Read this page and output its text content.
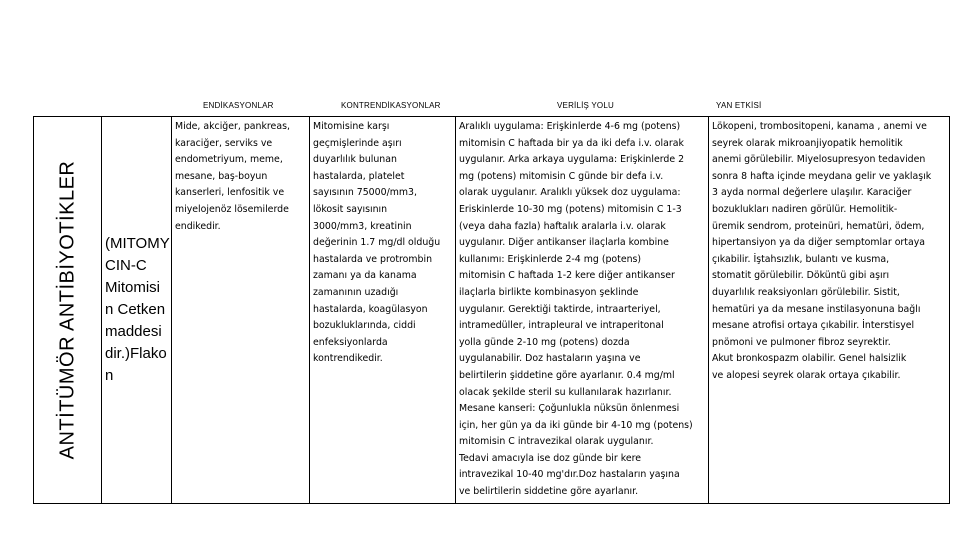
ENDİKASYONLAR	KONTRENDİKASYONLAR	VERİLİŞ YOLU	YAN ETKİSİ
ANTİTÜMÖR ANTİBİYOTİKLER	(MITOMY
CIN-C
Mitomisi
n Cetken
maddesi
dir.)Flako
n

Mide, akciğer, pankreas,
karaciğer, serviks ve
endometriyum, meme,
mesane, baş-boyun
kanserleri, lenfositik ve
miyelojenöz lösemilerde
endikedir.

Mitomisine karşı
geçmişlerinde aşırı
duyarlılık bulunan
hastalarda, platelet
sayısının 75000/mm3,
lökosit sayısının
3000/mm3, kreatinin
değerinin 1.7 mg/dl olduğu
hastalarda ve protrombin
zamanı ya da kanama
zamanının uzadığı
hastalarda, koagülasyon
bozukluklarında, ciddi
enfeksiyonlarda
kontrendikedir.

Aralıklı uygulama: Erişkinlerde 4-6 mg (potens)
mitomisin C haftada bir ya da iki defa i.v. olarak
uygulanır. Arka arkaya uygulama: Erişkinlerde 2
mg (potens) mitomisin C günde bir defa i.v.
olarak uygulanır. Aralıklı yüksek doz uygulama:
Eriskinlerde 10-30 mg (potens) mitomisin C 1-3
(veya daha fazla) haftalık aralarla i.v. olarak
uygulanır. Diğer antikanser ilaçlarla kombine
kullanımı: Erişkinlerde 2-4 mg (potens)
mitomisin C haftada 1-2 kere diğer antikanser
ilaçlarla birlikte kombinasyon şeklinde
uygulanır. Gerektiği taktirde, intraarteriyel,
intramedüller, intrapleural ve intraperitonal
yolla günde 2-10 mg (potens) dozda
uygulanabilir. Doz hastaların yaşına ve
belirtilerin şiddetine göre ayarlanır. 0.4 mg/ml
olacak şekilde steril su kullanılarak hazırlanır.
Mesane kanseri: Çoğunlukla nüksün önlenmesi
için, her gün ya da iki günde bir 4-10 mg (potens)
mitomisin C intravezikal olarak uygulanır.
Tedavi amacıyla ise doz günde bir kere
intravezikal 10-40 mg'dır.Doz hastaların yaşına
ve belirtilerin siddetine göre ayarlanır.

Lökopeni, trombositopeni, kanama , anemi ve
seyrek olarak mikroanjiyopatik hemolitik
anemi görülebilir. Miyelosupresyon tedaviden
sonra 8 hafta içinde meydana gelir ve yaklaşık
3 ayda normal değerlere ulaşılır. Karaciğer
bozuklukları nadiren görülür. Hemolitik-
üremik sendrom, proteinüri, hematüri, ödem,
hipertansiyon ya da diğer semptomlar ortaya
çıkabilir. İştahsızlık, bulantı ve kusma,
stomatit görülebilir. Döküntü gibi aşırı
duyarlılık reaksiyonları görülebilir. Sistit,
hematüri ya da mesane instilasyonuna bağlı
mesane atrofisi ortaya çıkabilir. İnterstisyel
pnömoni ve pulmoner fibroz seyrektir.
Akut bronkospazm olabilir. Genel halsizlik
ve alopesi seyrek olarak ortaya çıkabilir.
